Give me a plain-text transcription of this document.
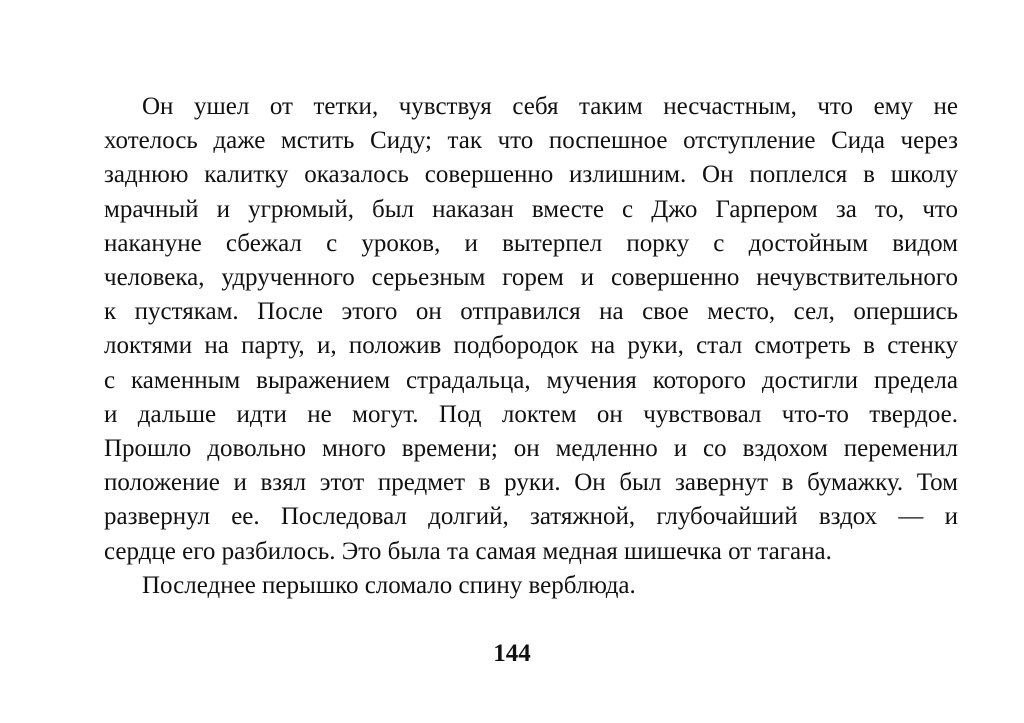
Он ушел от тетки, чувствуя себя таким несчастным, что ему не
хотелось даже мстить Сиду; так что поспешное отступление Сида через
заднюю калитку оказалось совершенно излишним. Он поплелся в школу
мрачный и угрюмый, был наказан вместе с Джо Гарпером за то, что
накануне сбежал с уроков, и вытерпел порку с достойным видом
человека, удрученного серьезным горем и совершенно нечувствительного
к пустякам. После этого он отправился на свое место, сел, опершись
локтями на парту, и, положив подбородок на руки, стал смотреть в стенку
с каменным выражением страдальца, мучения которого достигли предела
и дальше идти не могут. Под локтем он чувствовал что-то твердое.
Прошло довольно много времени; он медленно и со вздохом переменил
положение и взял этот предмет в руки. Он был завернут в бумажку. Том
развернул ее. Последовал долгий, затяжной, глубочайший вздох — и
сердце его разбилось. Это была та самая медная шишечка от тагана.
Последнее перышко сломало спину верблюда.
144
